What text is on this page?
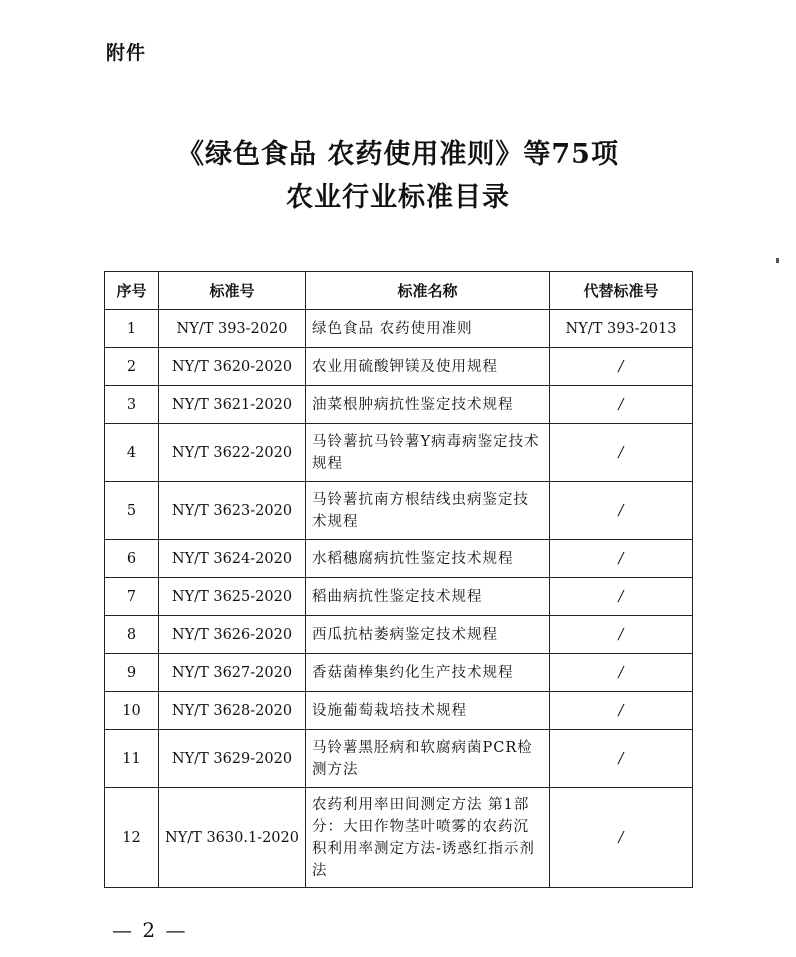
附件
《绿色食品 农药使用准则》等75项
农业行业标准目录
序号	标准号	标准名称	代替标准号
1	NY/T 393-2020	绿色食品 农药使用准则	NY/T 393-2013
2	NY/T 3620-2020	农业用硫酸钾镁及使用规程	/
3	NY/T 3621-2020	油菜根肿病抗性鉴定技术规程	/
4	NY/T 3622-2020	马铃薯抗马铃薯Y病毒病鉴定技术规程	/
5	NY/T 3623-2020	马铃薯抗南方根结线虫病鉴定技术规程	/
6	NY/T 3624-2020	水稻穗腐病抗性鉴定技术规程	/
7	NY/T 3625-2020	稻曲病抗性鉴定技术规程	/
8	NY/T 3626-2020	西瓜抗枯萎病鉴定技术规程	/
9	NY/T 3627-2020	香菇菌棒集约化生产技术规程	/
10	NY/T 3628-2020	设施葡萄栽培技术规程	/
11	NY/T 3629-2020	马铃薯黑胫病和软腐病菌PCR检测方法	/
12	NY/T 3630.1-2020	农药利用率田间测定方法 第1部分：大田作物茎叶喷雾的农药沉积利用率测定方法-诱惑红指示剂法	/
— 2 —
